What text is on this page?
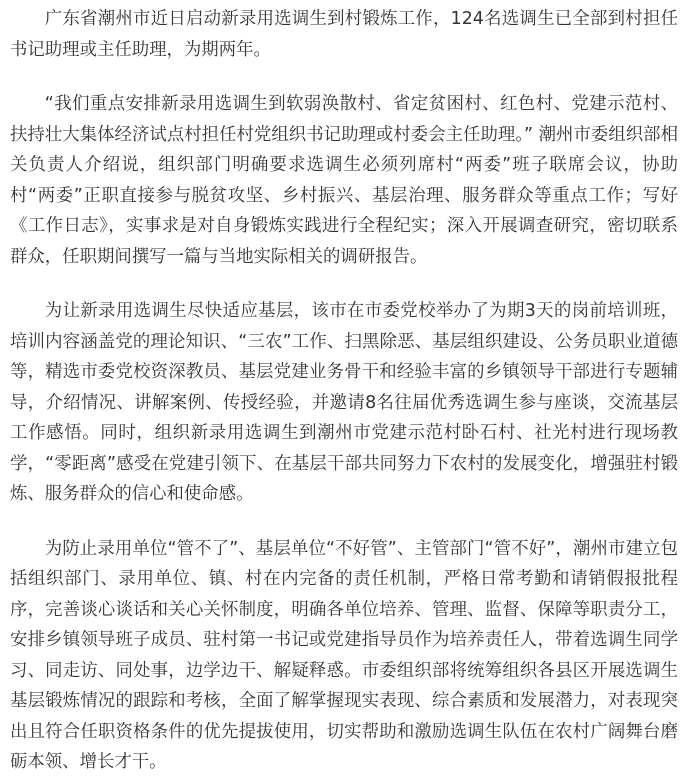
广东省潮州市近日启动新录用选调生到村锻炼工作，124名选调生已全部到村担任书记助理或主任助理，为期两年。

“我们重点安排新录用选调生到软弱涣散村、省定贫困村、红色村、党建示范村、扶持壮大集体经济试点村担任村党组织书记助理或村委会主任助理。” 潮州市委组织部相关负责人介绍说，组织部门明确要求选调生必须列席村“两委”班子联席会议，协助村“两委”正职直接参与脱贫攻坚、乡村振兴、基层治理、服务群众等重点工作；写好《工作日志》，实事求是对自身锻炼实践进行全程纪实；深入开展调查研究，密切联系群众，任职期间撰写一篇与当地实际相关的调研报告。

为让新录用选调生尽快适应基层，该市在市委党校举办了为期3天的岗前培训班，培训内容涵盖党的理论知识、“三农”工作、扫黑除恶、基层组织建设、公务员职业道德等，精选市委党校资深教员、基层党建业务骨干和经验丰富的乡镇领导干部进行专题辅导，介绍情况、讲解案例、传授经验，并邀请8名往届优秀选调生参与座谈，交流基层工作感悟。同时，组织新录用选调生到潮州市党建示范村卧石村、社光村进行现场教学，“零距离”感受在党建引领下、在基层干部共同努力下农村的发展变化，增强驻村锻炼、服务群众的信心和使命感。

为防止录用单位“管不了”、基层单位“不好管”、主管部门“管不好”，潮州市建立包括组织部门、录用单位、镇、村在内完备的责任机制，严格日常考勤和请销假报批程序，完善谈心谈话和关心关怀制度，明确各单位培养、管理、监督、保障等职责分工，安排乡镇领导班子成员、驻村第一书记或党建指导员作为培养责任人，带着选调生同学习、同走访、同处事，边学边干、解疑释惑。市委组织部将统筹组织各县区开展选调生基层锻炼情况的跟踪和考核，全面了解掌握现实表现、综合素质和发展潜力，对表现突出且符合任职资格条件的优先提拔使用，切实帮助和激励选调生队伍在农村广阔舞台磨砺本领、增长才干。
